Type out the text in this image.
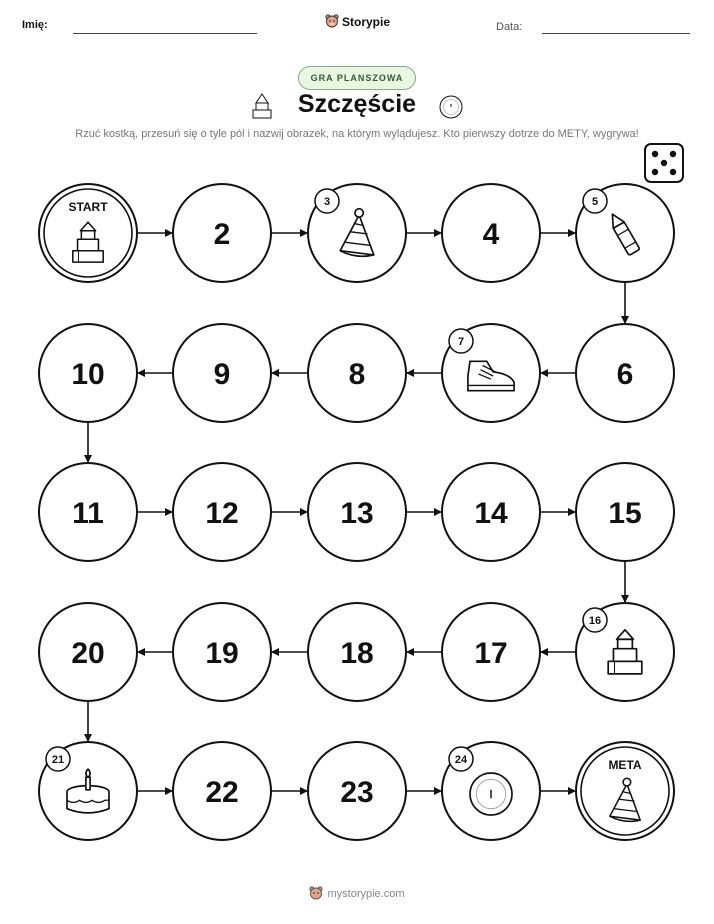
Imię:	Storypie	Data:
GRA PLANSZOWA
Szczęście
Rzuć kostką, przesuń się o tyle pól i nazwij obrazek, na którym wylądujesz. Kto pierwszy dotrze do METY, wygrywa!
START
2
3
4
5
6
7
8
9
10
11	12	13	14	15
16
17
18
19
20
21
22	23
24	META
mystorypie.com
